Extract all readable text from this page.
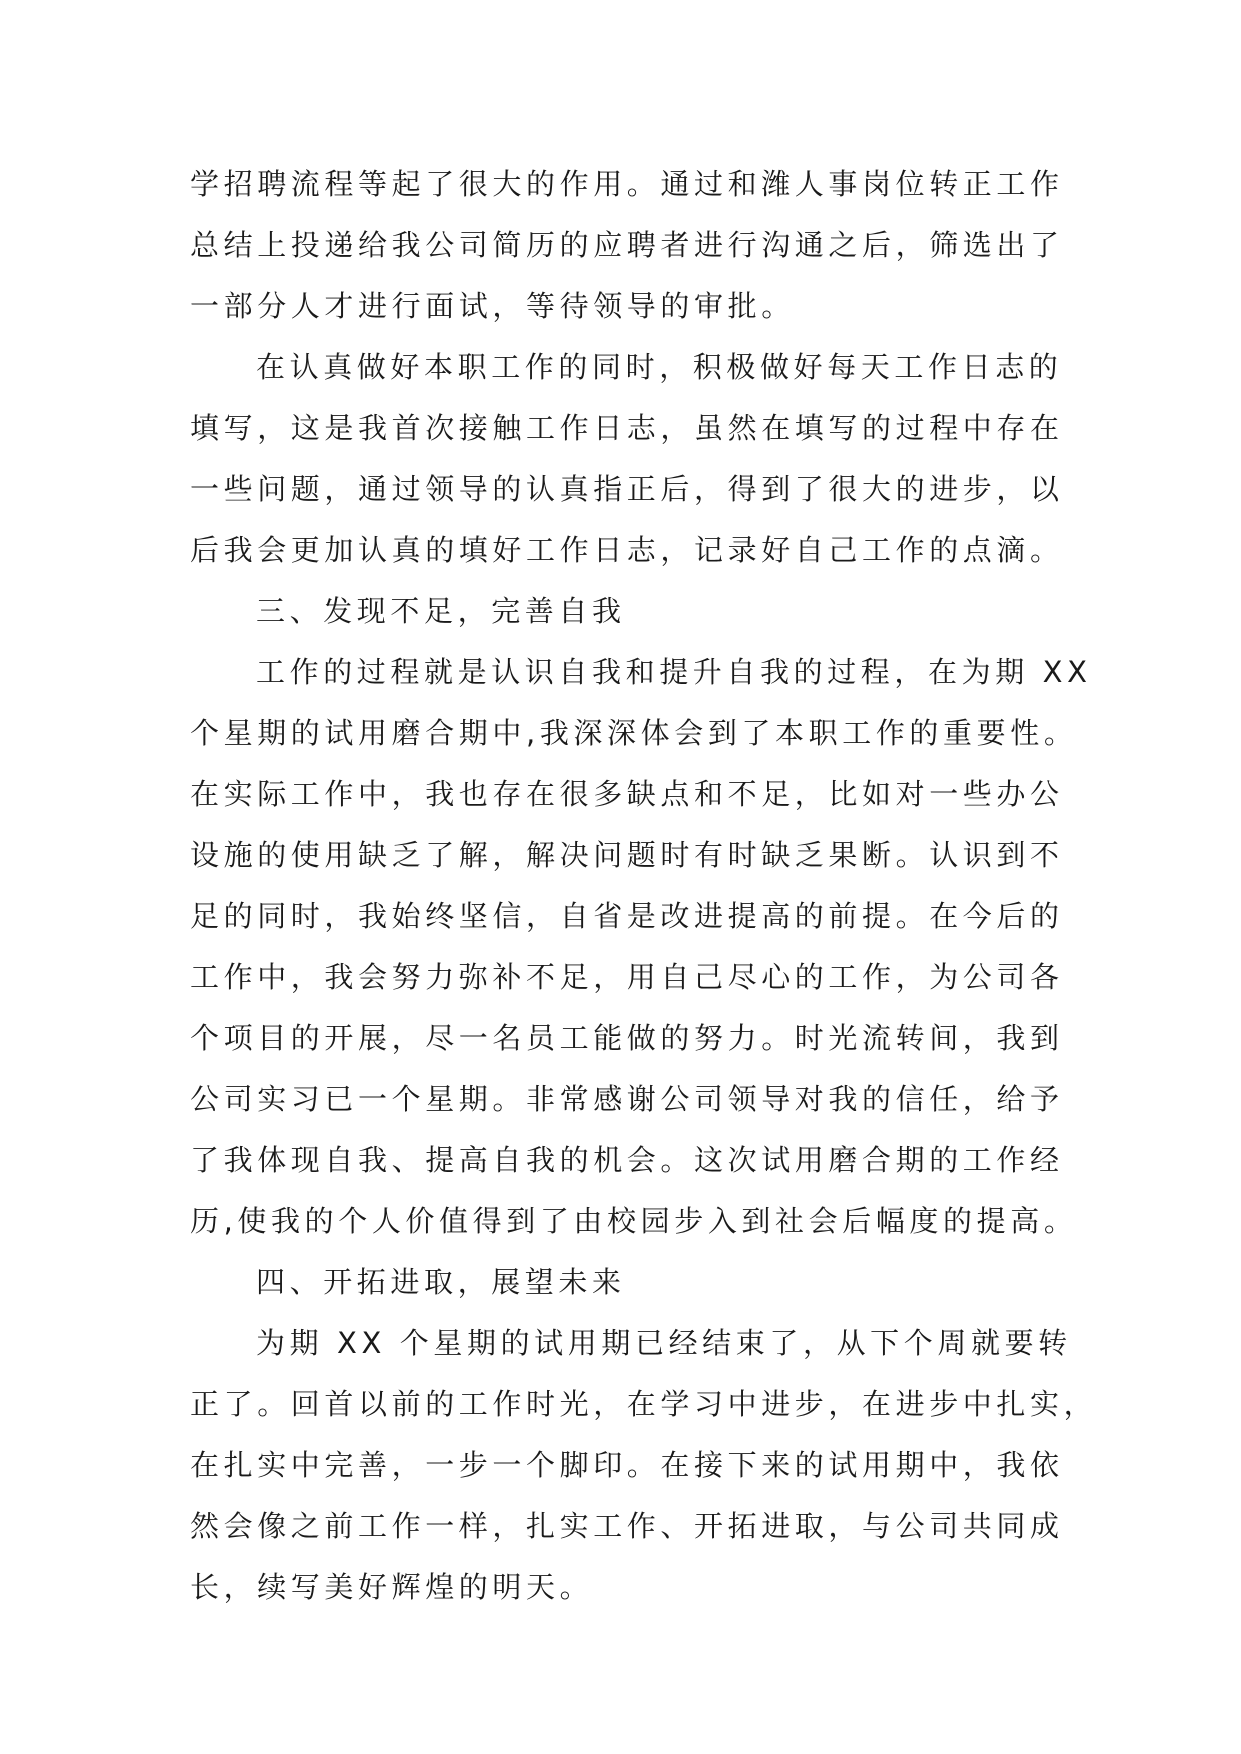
学招聘流程等起了很大的作用。通过和潍人事岗位转正工作
总结上投递给我公司简历的应聘者进行沟通之后，筛选出了
一部分人才进行面试，等待领导的审批。
在认真做好本职工作的同时，积极做好每天工作日志的
填写，这是我首次接触工作日志，虽然在填写的过程中存在
一些问题，通过领导的认真指正后，得到了很大的进步，以
后我会更加认真的填好工作日志，记录好自己工作的点滴。
三、发现不足，完善自我
工作的过程就是认识自我和提升自我的过程，在为期 XX
个星期的试用磨合期中,我深深体会到了本职工作的重要性。
在实际工作中，我也存在很多缺点和不足，比如对一些办公
设施的使用缺乏了解，解决问题时有时缺乏果断。认识到不
足的同时，我始终坚信，自省是改进提高的前提。在今后的
工作中，我会努力弥补不足，用自己尽心的工作，为公司各
个项目的开展，尽一名员工能做的努力。时光流转间，我到
公司实习已一个星期。非常感谢公司领导对我的信任，给予
了我体现自我、提高自我的机会。这次试用磨合期的工作经
历,使我的个人价值得到了由校园步入到社会后幅度的提高。
四、开拓进取，展望未来
为期 XX 个星期的试用期已经结束了，从下个周就要转
正了。回首以前的工作时光，在学习中进步，在进步中扎实，
在扎实中完善，一步一个脚印。在接下来的试用期中，我依
然会像之前工作一样，扎实工作、开拓进取，与公司共同成
长，续写美好辉煌的明天。
